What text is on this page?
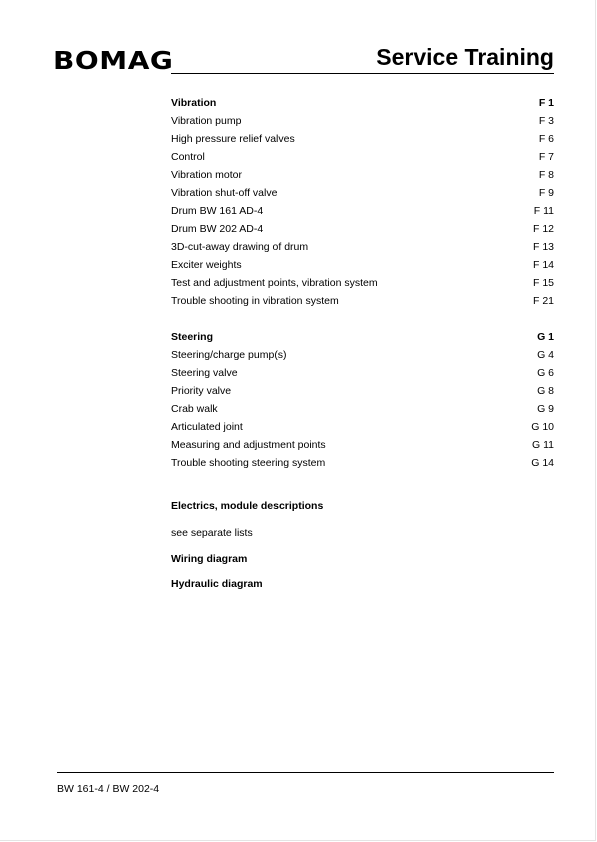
BOMAG	Service Training
Vibration	F 1
Vibration pump	F 3
High pressure relief valves	F 6
Control	F 7
Vibration motor	F 8
Vibration shut-off valve	F 9
Drum BW 161 AD-4	F 11
Drum BW 202 AD-4	F 12
3D-cut-away drawing of drum	F 13
Exciter weights	F 14
Test and adjustment points, vibration system	F 15
Trouble shooting in vibration system	F 21
Steering	G 1
Steering/charge pump(s)	G 4
Steering valve	G 6
Priority valve	G 8
Crab walk	G 9
Articulated joint	G 10
Measuring and adjustment points	G 11
Trouble shooting steering system	G 14
Electrics, module descriptions
see separate lists
Wiring diagram
Hydraulic diagram
BW 161-4 / BW 202-4
